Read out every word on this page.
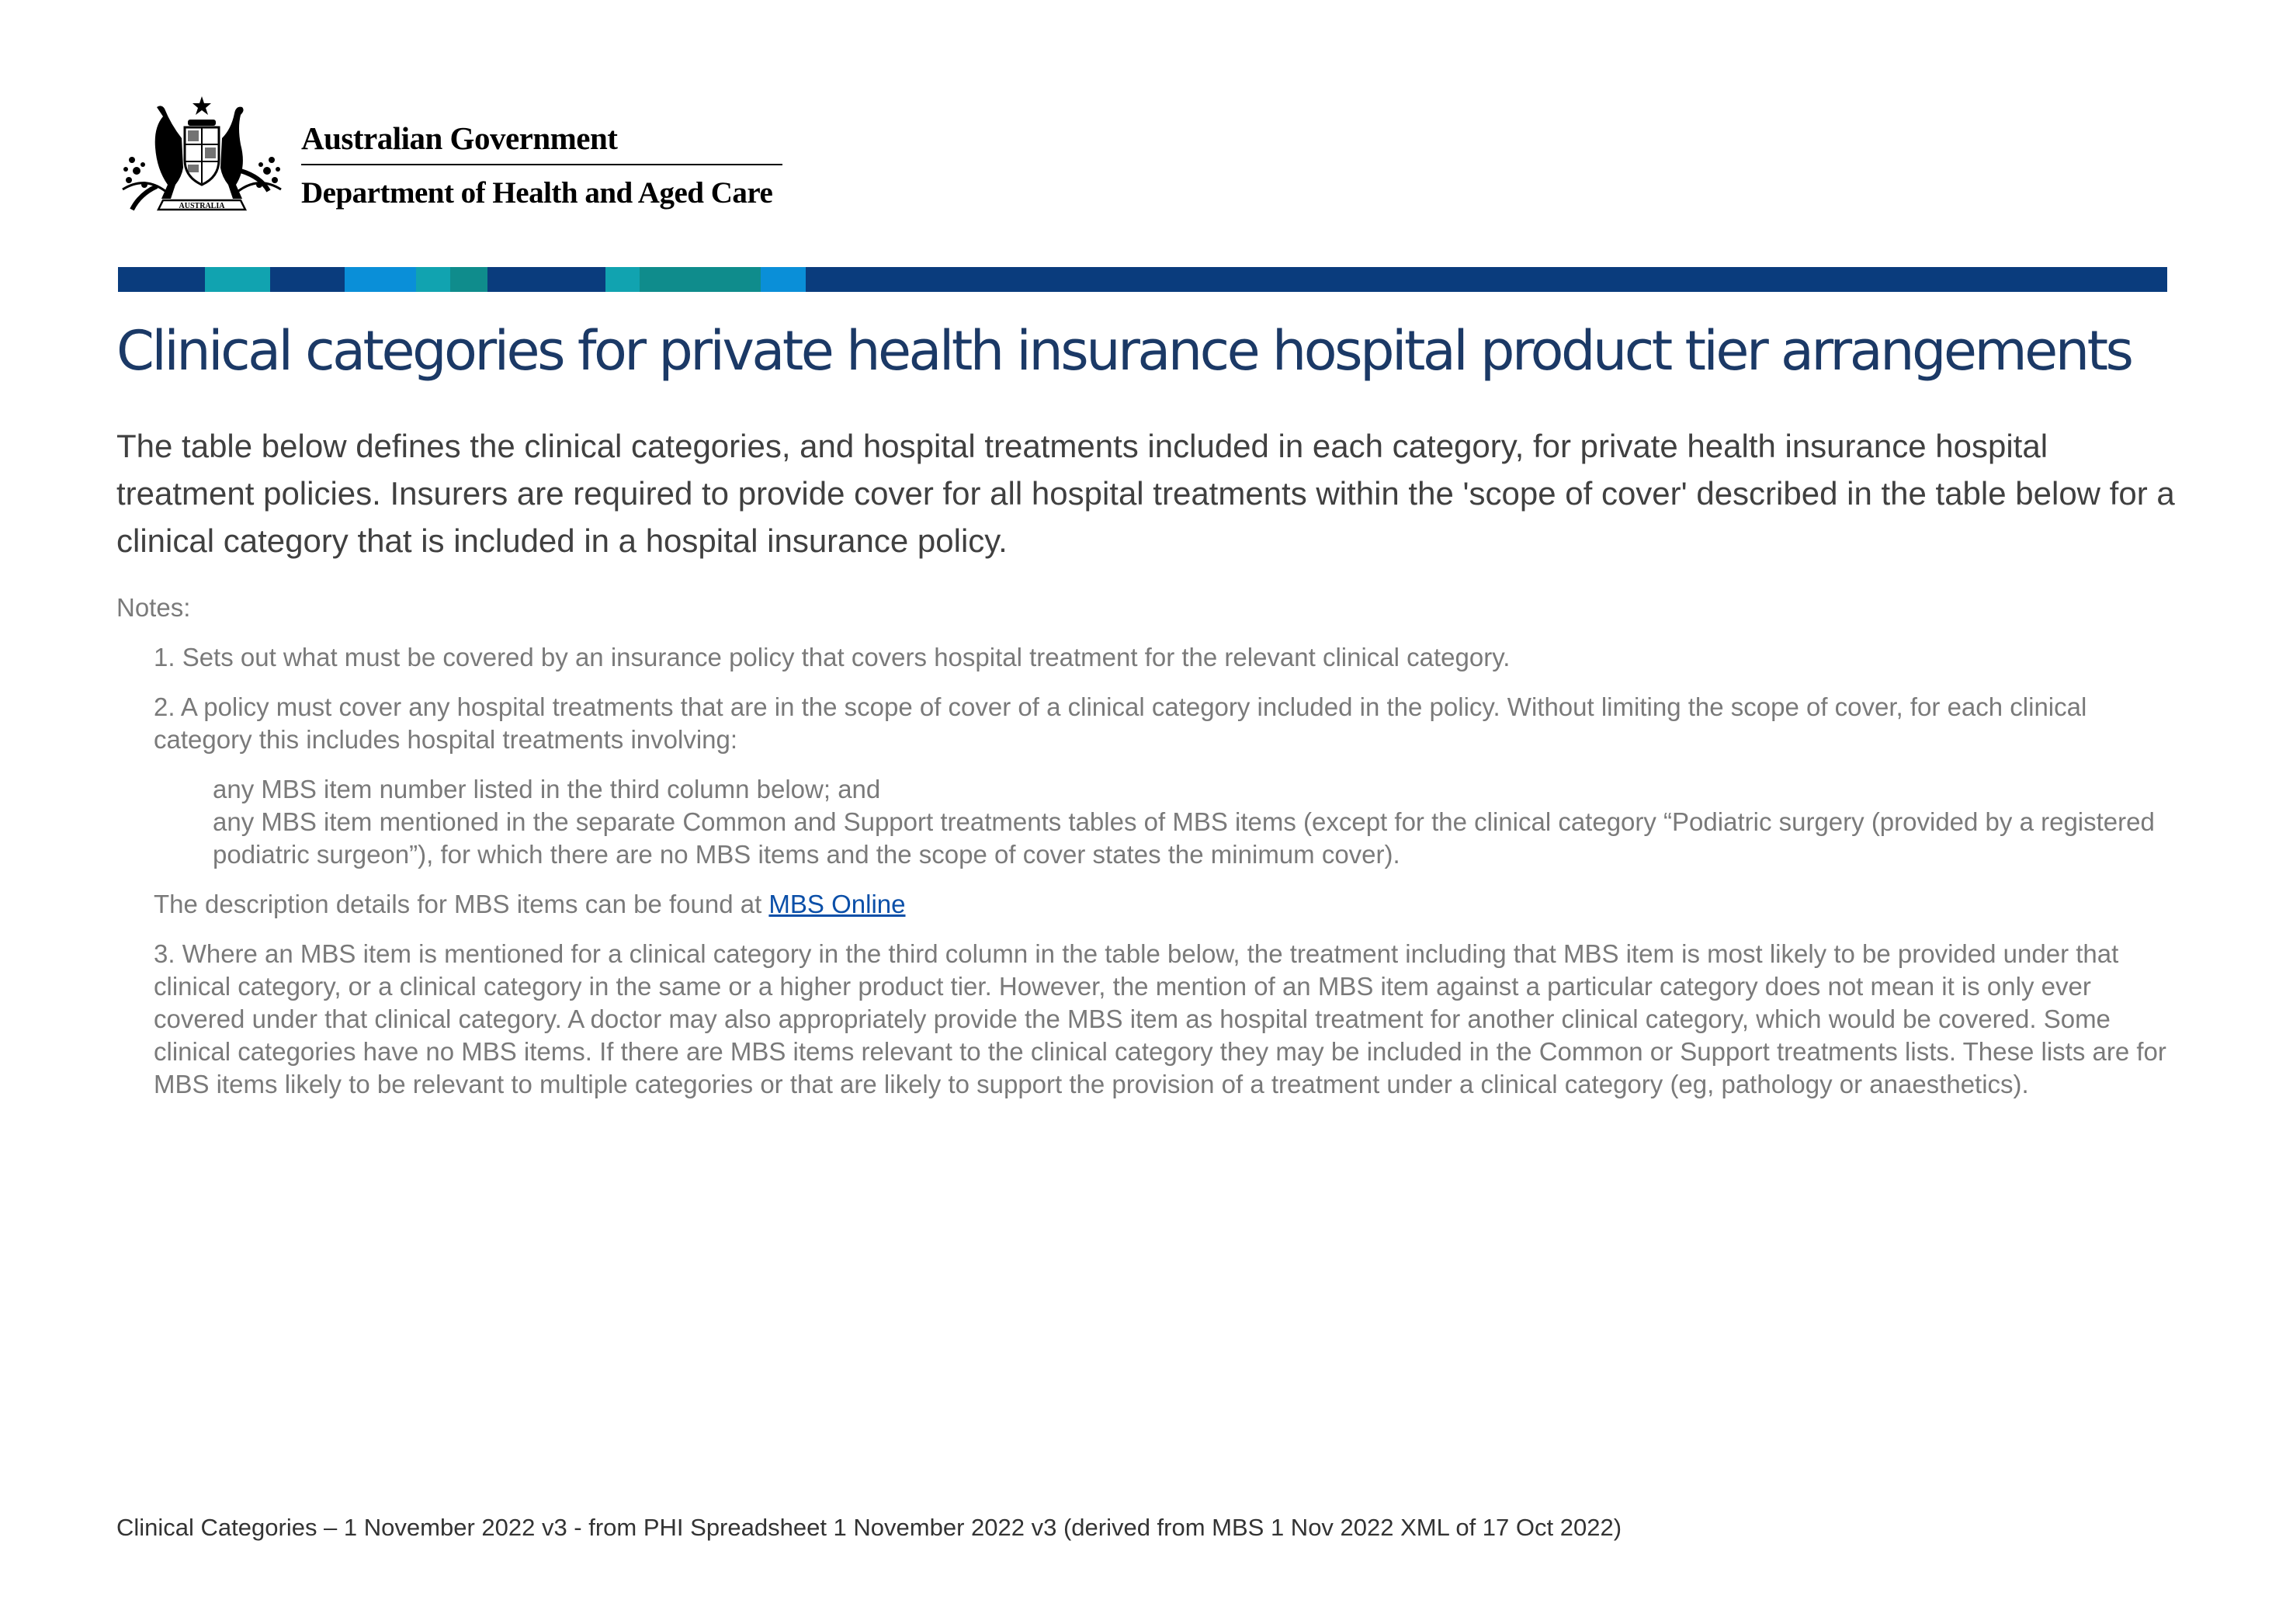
AUSTRALIA
Australian Government
Department of Health and Aged Care
Clinical categories for private health insurance hospital product tier arrangements
The table below defines the clinical categories, and hospital treatments included in each category, for private health insurance hospital treatment policies. Insurers are required to provide cover for all hospital treatments within the 'scope of cover' described in the table below for a clinical category that is included in a hospital insurance policy.
Notes:
1. Sets out what must be covered by an insurance policy that covers hospital treatment for the relevant clinical category.
2. A policy must cover any hospital treatments that are in the scope of cover of a clinical category included in the policy. Without limiting the scope of cover, for each clinical category this includes hospital treatments involving:
any MBS item number listed in the third column below; and
any MBS item mentioned in the separate Common and Support treatments tables of MBS items (except for the clinical category “Podiatric surgery (provided by a registered podiatric surgeon”), for which there are no MBS items and the scope of cover states the minimum cover).
The description details for MBS items can be found at MBS Online
3. Where an MBS item is mentioned for a clinical category in the third column in the table below, the treatment including that MBS item is most likely to be provided under that clinical category, or a clinical category in the same or a higher product tier. However, the mention of an MBS item against a particular category does not mean it is only ever covered under that clinical category. A doctor may also appropriately provide the MBS item as hospital treatment for another clinical category, which would be covered. Some clinical categories have no MBS items. If there are MBS items relevant to the clinical category they may be included in the Common or Support treatments lists. These lists are for MBS items likely to be relevant to multiple categories or that are likely to support the provision of a treatment under a clinical category (eg, pathology or anaesthetics).
Clinical Categories – 1 November 2022 v3 - from PHI Spreadsheet 1 November 2022 v3 (derived from MBS 1 Nov 2022 XML of 17 Oct 2022)
